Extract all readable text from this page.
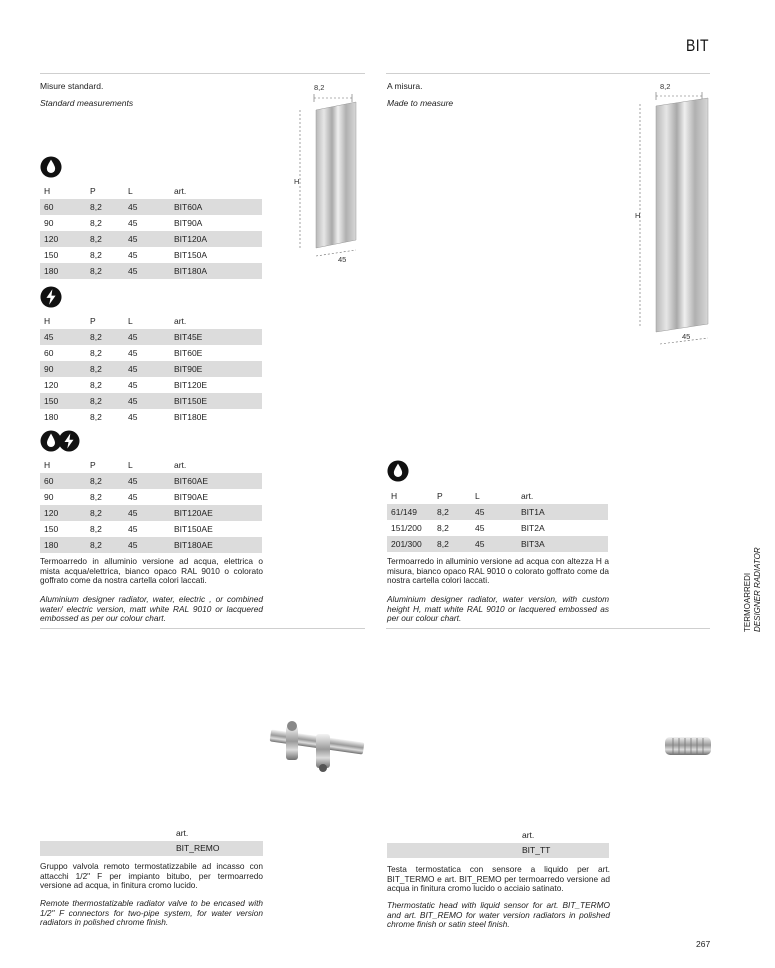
BIT
Misure standard.
Standard measurements
8,2
H
45
H	P	L	art.
60	8,2	45	BIT60A
90	8,2	45	BIT90A
120	8,2	45	BIT120A
150	8,2	45	BIT150A
180	8,2	45	BIT180A
H	P	L	art.
45	8,2	45	BIT45E
60	8,2	45	BIT60E
90	8,2	45	BIT90E
120	8,2	45	BIT120E
150	8,2	45	BIT150E
180	8,2	45	BIT180E
H	P	L	art.
60	8,2	45	BIT60AE
90	8,2	45	BIT90AE
120	8,2	45	BIT120AE
150	8,2	45	BIT150AE
180	8,2	45	BIT180AE
Termoarredo in alluminio versione ad acqua, elettrica o mista acqua/elettrica, bianco opaco RAL 9010 o colorato goffrato come da nostra cartella colori laccati.
Aluminium designer radiator, water, electric , or combined water/ electric version, matt white RAL 9010 or lacquered embossed as per our colour chart.
A misura.
Made to measure
8,2
H
45
H	P	L	art.
61/149	8,2	45	BIT1A
151/200	8,2	45	BIT2A
201/300	8,2	45	BIT3A
Termoarredo in alluminio versione ad acqua con altezza H a misura, bianco opaco RAL 9010 o colorato goffrato come da nostra cartella colori laccati.
Aluminium designer radiator, water version, with custom height H, matt white RAL 9010 or lacquered embossed as per our colour chart.	TERMOARREDI DESIGNER RADIATOR
art.
BIT_REMO
Gruppo valvola remoto termostatizzabile ad incasso con attacchi 1/2" F per impianto bitubo, per termoarredo versione ad acqua, in finitura cromo lucido.
Remote thermostatizable radiator valve to be encased with 1/2" F connectors for two-pipe system, for water version radiators in polished chrome finish.
art.
BIT_TT
Testa termostatica con sensore a liquido per art. BIT_TERMO e art. BIT_REMO per termoarredo versione ad acqua in finitura cromo lucido o acciaio satinato.
Thermostatic head with liquid sensor for art. BIT_TERMO and art. BIT_REMO for water version radiators in polished chrome finish or satin steel finish.
267
